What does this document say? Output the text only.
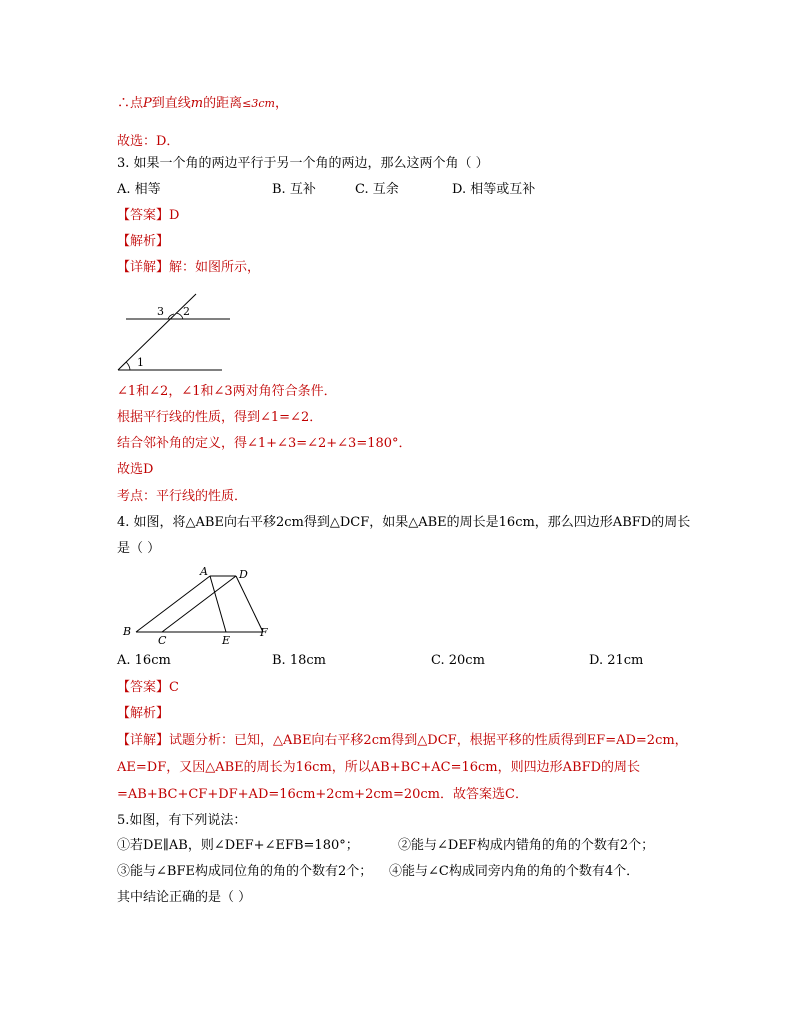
∴点P到直线m的距离≤3cm，
故选：D．
3. 如果一个角的两边平行于另一个角的两边，那么这两个角（ ）
A. 相等	B. 互补	C. 互余	D. 相等或互补
【答案】D
【解析】
【详解】解：如图所示，
3 2
1
∠1和∠2，∠1和∠3两对角符合条件．
根据平行线的性质，得到∠1=∠2．
结合邻补角的定义，得∠1+∠3=∠2+∠3=180°．
故选D
考点：平行线的性质．
4. 如图，将△ABE向右平移2cm得到△DCF，如果△ABE的周长是16cm，那么四边形ABFD的周长
是（ ）
A	D
B
C	E
F
A. 16cm	B. 18cm	C. 20cm	D. 21cm
【答案】C
【解析】
【详解】试题分析：已知，△ABE向右平移2cm得到△DCF，根据平移的性质得到EF=AD=2cm，
AE=DF，又因△ABE的周长为16cm，所以AB+BC+AC=16cm，则四边形ABFD的周长
=AB+BC+CF+DF+AD=16cm+2cm+2cm=20cm．故答案选C．
5.如图，有下列说法：
①若DE∥AB，则∠DEF+∠EFB=180°；	②能与∠DEF构成内错角的角的个数有2个；
③能与∠BFE构成同位角的角的个数有2个； ④能与∠C构成同旁内角的角的个数有4个．
其中结论正确的是（ ）
